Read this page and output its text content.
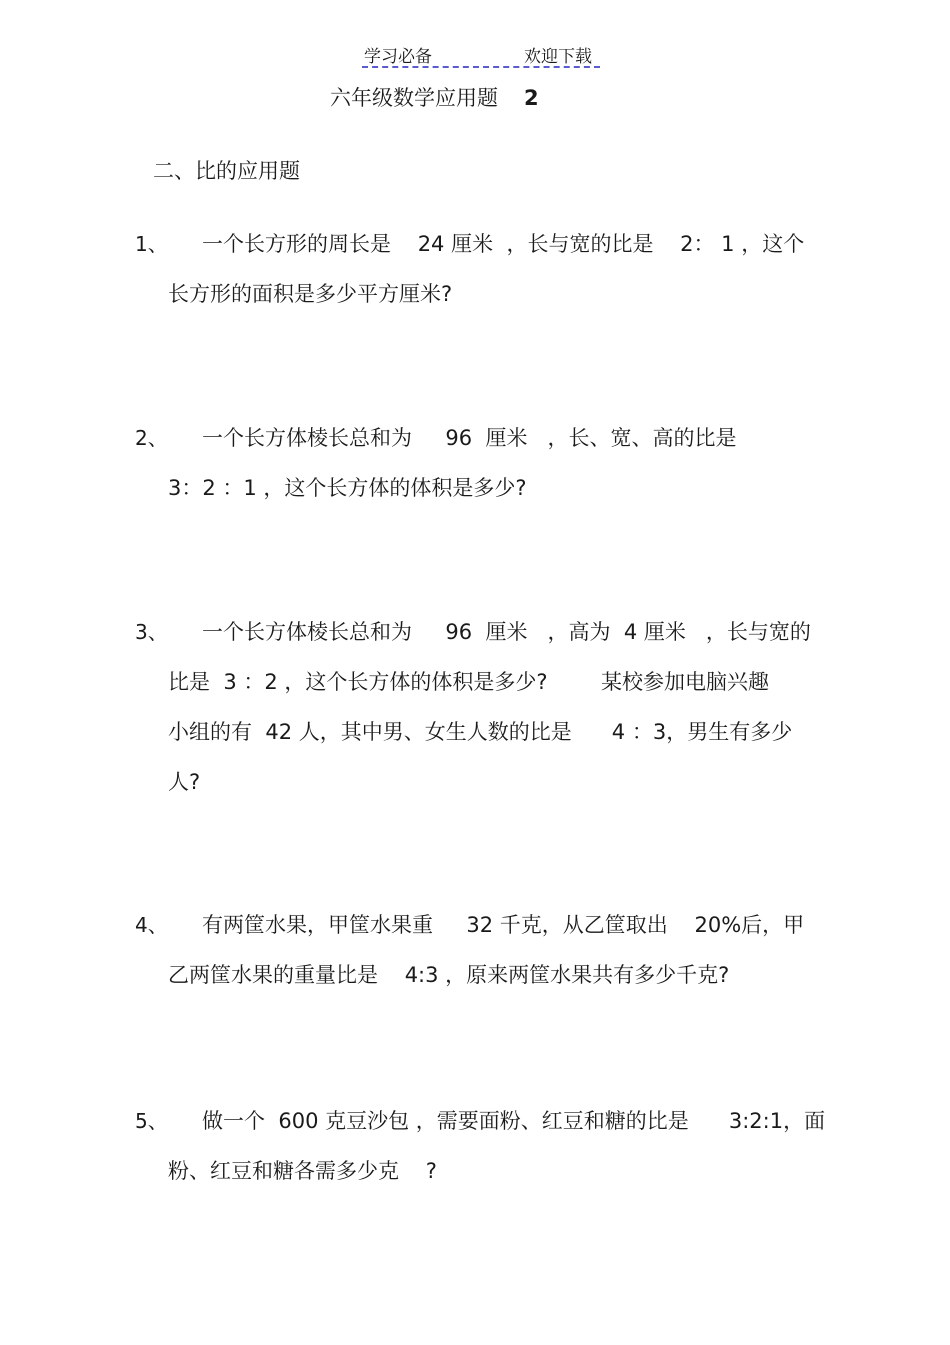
学习必备	欢迎下载
六年级数学应用题 2
二、比的应用题
1、 一个长方形的周长是    24 厘米  ，长与宽的比是    2： 1 ，这个
长方形的面积是多少平方厘米?
2、 一个长方体棱长总和为     96  厘米   ，长、宽、高的比是
3：2 ：1 ，这个长方体的体积是多少?
3、 一个长方体棱长总和为     96  厘米   ，高为  4 厘米   ，长与宽的
比是  3 ：2 ，这个长方体的体积是多少?        某校参加电脑兴趣
小组的有  42 人，其中男、女生人数的比是      4 ：3，男生有多少
人?
4、 有两筐水果，甲筐水果重     32 千克，从乙筐取出    20%后，甲
乙两筐水果的重量比是    4:3 ，原来两筐水果共有多少千克?
5、 做一个  600 克豆沙包 ，需要面粉、红豆和糖的比是      3:2:1，面
粉、红豆和糖各需多少克    ?
